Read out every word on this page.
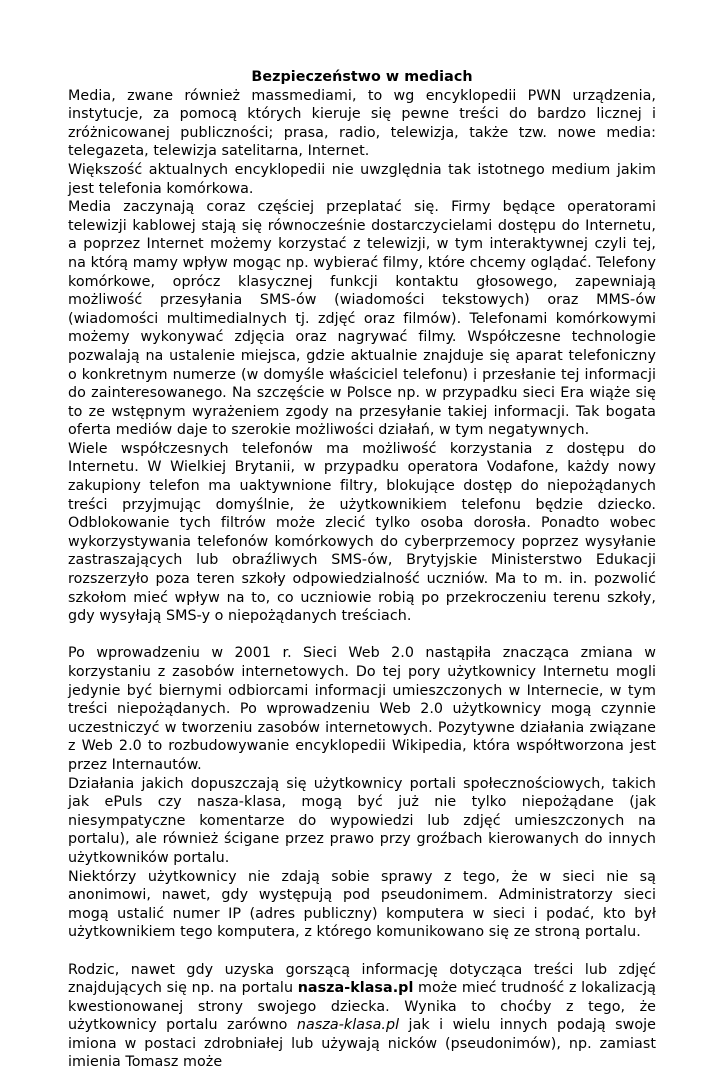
Bezpieczeństwo w mediach

Media, zwane również massmediami, to wg encyklopedii PWN urządzenia, instytucje, za pomocą których kieruje się pewne treści do bardzo licznej i zróżnicowanej publiczności; prasa, radio, telewizja, także tzw. nowe media: telegazeta, telewizja satelitarna, Internet.

Większość aktualnych encyklopedii nie uwzględnia tak istotnego medium jakim jest telefonia komórkowa.

Media zaczynają coraz częściej przeplatać się. Firmy będące operatorami telewizji kablowej stają się równocześnie dostarczycielami dostępu do Internetu, a poprzez Internet możemy korzystać z telewizji, w tym interaktywnej czyli tej, na którą mamy wpływ mogąc np. wybierać filmy, które chcemy oglądać. Telefony komórkowe, oprócz klasycznej funkcji kontaktu głosowego, zapewniają możliwość przesyłania SMS-ów (wiadomości tekstowych) oraz MMS-ów (wiadomości multimedialnych tj. zdjęć oraz filmów). Telefonami komórkowymi możemy wykonywać zdjęcia oraz nagrywać filmy. Współczesne technologie pozwalają na ustalenie miejsca, gdzie aktualnie znajduje się aparat telefoniczny o konkretnym numerze (w domyśle właściciel telefonu) i przesłanie tej informacji do zainteresowanego. Na szczęście w Polsce np. w przypadku sieci Era wiąże się to ze wstępnym wyrażeniem zgody na przesyłanie takiej informacji. Tak bogata oferta mediów daje to szerokie możliwości działań, w tym negatywnych.

Wiele współczesnych telefonów ma możliwość korzystania z dostępu do Internetu. W Wielkiej Brytanii, w przypadku operatora Vodafone, każdy nowy zakupiony telefon ma uaktywnione filtry, blokujące dostęp do niepożądanych treści przyjmując domyślnie, że użytkownikiem telefonu będzie dziecko. Odblokowanie tych filtrów może zlecić tylko osoba dorosła. Ponadto wobec wykorzystywania telefonów komórkowych do cyberprzemocy poprzez wysyłanie zastraszających lub obraźliwych SMS-ów, Brytyjskie Ministerstwo Edukacji rozszerzyło poza teren szkoły odpowiedzialność uczniów. Ma to m. in. pozwolić szkołom mieć wpływ na to, co uczniowie robią po przekroczeniu terenu szkoły, gdy wysyłają SMS-y o niepożądanych treściach.

Po wprowadzeniu w 2001 r. Sieci Web 2.0 nastąpiła znacząca zmiana w korzystaniu z zasobów internetowych. Do tej pory użytkownicy Internetu mogli jedynie być biernymi odbiorcami informacji umieszczonych w Internecie, w tym treści niepożądanych. Po wprowadzeniu Web 2.0 użytkownicy mogą czynnie uczestniczyć w tworzeniu zasobów internetowych. Pozytywne działania związane z Web 2.0 to rozbudowywanie encyklopedii Wikipedia, która współtworzona jest przez Internautów.

Działania jakich dopuszczają się użytkownicy portali społecznościowych, takich jak ePuls czy nasza-klasa, mogą być już nie tylko niepożądane (jak niesympatyczne komentarze do wypowiedzi lub zdjęć umieszczonych na portalu), ale również ścigane przez prawo przy groźbach kierowanych do innych użytkowników portalu.

Niektórzy użytkownicy nie zdają sobie sprawy z tego, że w sieci nie są anonimowi, nawet, gdy występują pod pseudonimem. Administratorzy sieci mogą ustalić numer IP (adres publiczny) komputera w sieci i podać, kto był użytkownikiem tego komputera, z którego komunikowano się ze stroną portalu.

Rodzic, nawet gdy uzyska gorszącą informację dotycząca treści lub zdjęć znajdujących się np. na portalu nasza-klasa.pl może mieć trudność z lokalizacją kwestionowanej strony swojego dziecka. Wynika to choćby z tego, że użytkownicy portalu zarówno nasza-klasa.pl jak i wielu innych podają swoje imiona w postaci zdrobniałej lub używają nicków (pseudonimów), np. zamiast imienia Tomasz może
